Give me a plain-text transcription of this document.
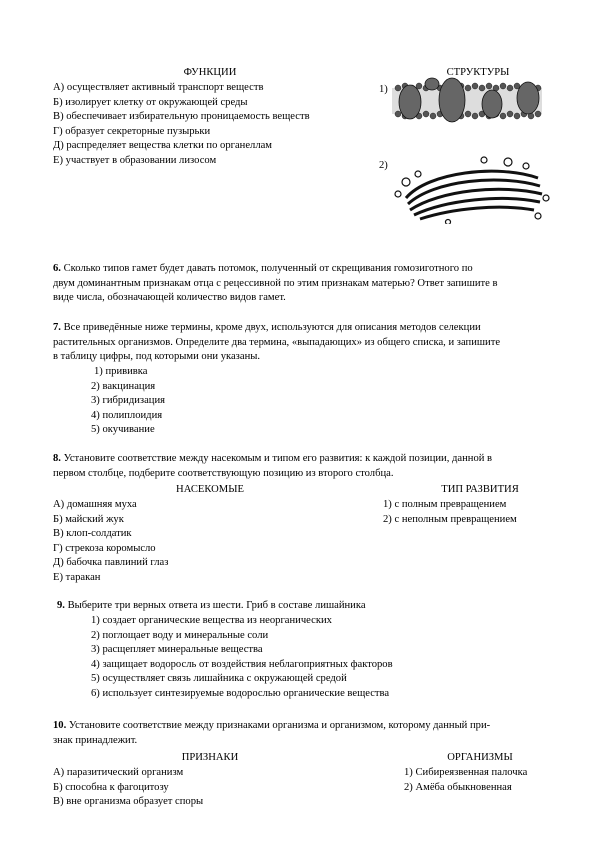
ФУНКЦИИ	СТРУКТУРЫ
А) осуществляет активный транспорт веществ
Б) изолирует клетку от окружающей среды
В) обеспечивает избирательную проницаемость веществ
Г) образует секреторные пузырьки
Д) распределяет вещества клетки по органеллам
Е) участвует в образовании лизосом
1)
2)
6. Сколько типов гамет будет давать потомок, полученный от скрещивания гомозиготного по
двум доминантным признакам отца с рецессивной по этим признакам матерью? Ответ запишите в
виде числа, обозначающей количество видов гамет.
7. Все приведённые ниже термины, кроме двух, используются для описания методов селекции
растительных организмов. Определите два термина, «выпадающих» из общего списка, и запишите
в таблицу цифры, под которыми они указаны.
1) прививка
2) вакцинация
3) гибридизация
4) полиплоидия
5) окучивание
8. Установите соответствие между насекомым и типом его развития: к каждой позиции, данной в
первом столбце, подберите соответствующую позицию из второго столбца.
НАСЕКОМЫЕ	ТИП РАЗВИТИЯ
А) домашняя муха
Б) майский жук
В) клоп-солдатик
Г) стрекоза коромысло
Д) бабочка павлиний глаз
Е) таракан
1) с полным превращением
2) с неполным превращением
9. Выберите три верных ответа из шести. Гриб в составе лишайника
1) создает органические вещества из неорганических
2) поглощает воду и минеральные соли
3) расщепляет минеральные вещества
4) защищает водоросль от воздействия неблагоприятных факторов
5) осуществляет связь лишайника с окружающей средой
6) использует синтезируемые водорослью органические вещества
10. Установите соответствие между признаками организма и организмом, которому данный при-
знак принадлежит.
ПРИЗНАКИ	ОРГАНИЗМЫ
А) паразитический организм
Б) способна к фагоцитозу
В) вне организма образует споры
1) Сибиреязвенная палочка
2) Амёба обыкновенная
